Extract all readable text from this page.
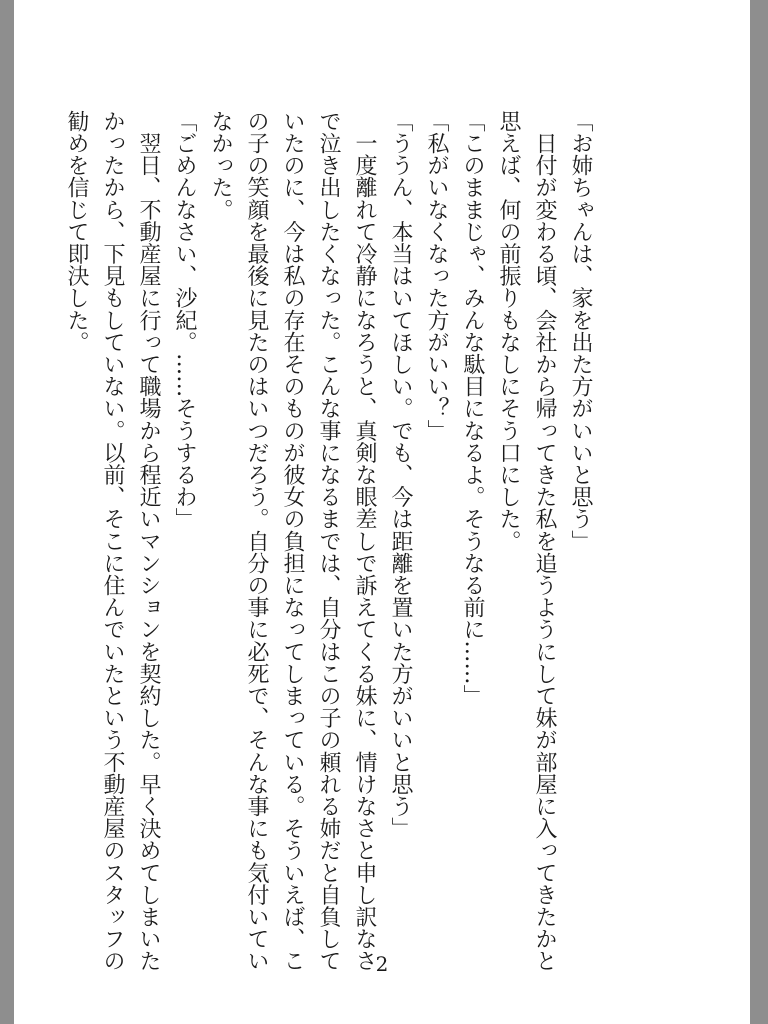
「お姉ちゃんは、家を出た方がいいと思う」

　日付が変わる頃、会社から帰ってきた私を追うようにして妹が部屋に入ってきたかと

思えば、何の前振りもなしにそう口にした。

「このままじゃ、みんな駄目になるよ。そうなる前に……」

「私がいなくなった方がいい？」

「ううん、本当はいてほしい。でも、今は距離を置いた方がいいと思う」

　一度離れて冷静になろうと、真剣な眼差しで訴えてくる妹に、情けなさと申し訳なさ

で泣き出したくなった。こんな事になるまでは、自分はこの子の頼れる姉だと自負して

いたのに、今は私の存在そのものが彼女の負担になってしまっている。そういえば、こ

の子の笑顔を最後に見たのはいつだろう。自分の事に必死で、そんな事にも気付いてい

なかった。

「ごめんなさい、沙紀。……そうするわ」

　翌日、不動産屋に行って職場から程近いマンションを契約した。早く決めてしまいた

かったから、下見もしていない。以前、そこに住んでいたという不動産屋のスタッフの

勧めを信じて即決した。

2
